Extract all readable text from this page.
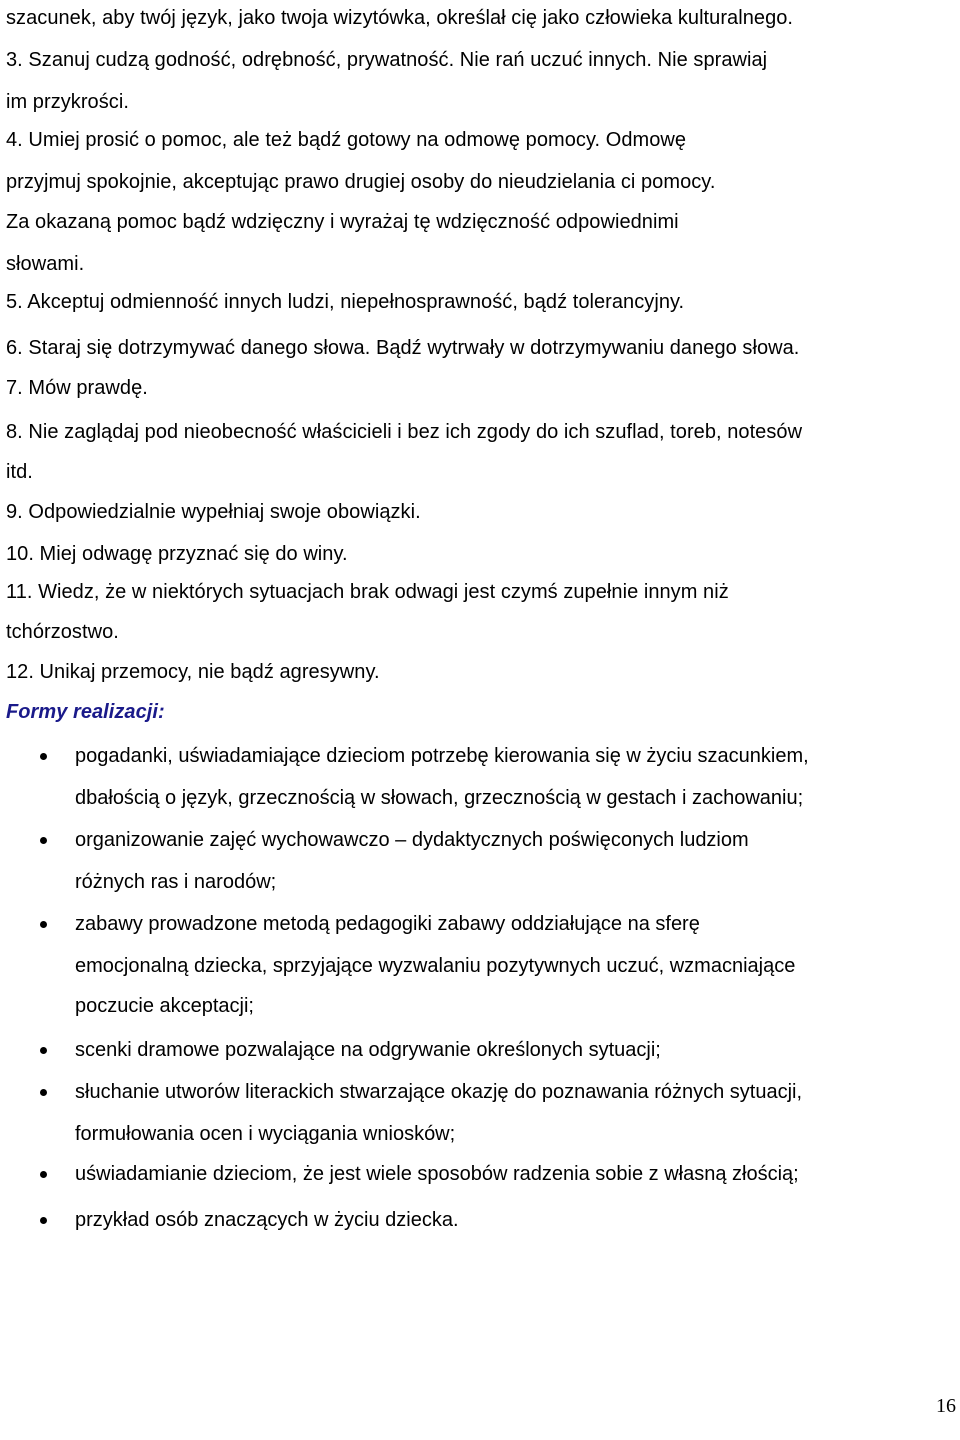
szacunek, aby twój język, jako twoja wizytówka, określał cię jako człowieka kulturalnego.
3. Szanuj cudzą godność, odrębność, prywatność. Nie rań uczuć innych. Nie sprawiaj
im przykrości.
4. Umiej prosić o pomoc, ale też bądź gotowy na odmowę pomocy. Odmowę
przyjmuj spokojnie, akceptując prawo drugiej osoby do nieudzielania ci pomocy.
Za okazaną pomoc bądź wdzięczny i wyrażaj tę wdzięczność odpowiednimi
słowami.
5. Akceptuj odmienność innych ludzi, niepełnosprawność, bądź tolerancyjny.
6. Staraj się dotrzymywać danego słowa. Bądź wytrwały w dotrzymywaniu danego słowa.
7. Mów prawdę.
8. Nie zaglądaj pod nieobecność właścicieli i bez ich zgody do ich szuflad, toreb, notesów
itd.
9. Odpowiedzialnie wypełniaj swoje obowiązki.
10. Miej odwagę przyznać się do winy.
11. Wiedz, że w niektórych sytuacjach brak odwagi jest czymś zupełnie innym niż
tchórzostwo.
12. Unikaj przemocy, nie bądź agresywny.
Formy realizacji:
pogadanki, uświadamiające dzieciom potrzebę kierowania się w życiu szacunkiem,
dbałością o język, grzecznością w słowach, grzecznością w gestach i zachowaniu;
organizowanie zajęć wychowawczo – dydaktycznych poświęconych ludziom
różnych ras i narodów;
zabawy prowadzone metodą pedagogiki zabawy oddziałujące na sferę
emocjonalną dziecka, sprzyjające wyzwalaniu pozytywnych uczuć, wzmacniające
poczucie akceptacji;
scenki dramowe pozwalające na odgrywanie określonych sytuacji;
słuchanie utworów literackich stwarzające okazję do poznawania różnych sytuacji,
formułowania ocen i wyciągania wniosków;
uświadamianie dzieciom, że jest wiele sposobów radzenia sobie z własną złością;
przykład osób znaczących w życiu dziecka.
16
